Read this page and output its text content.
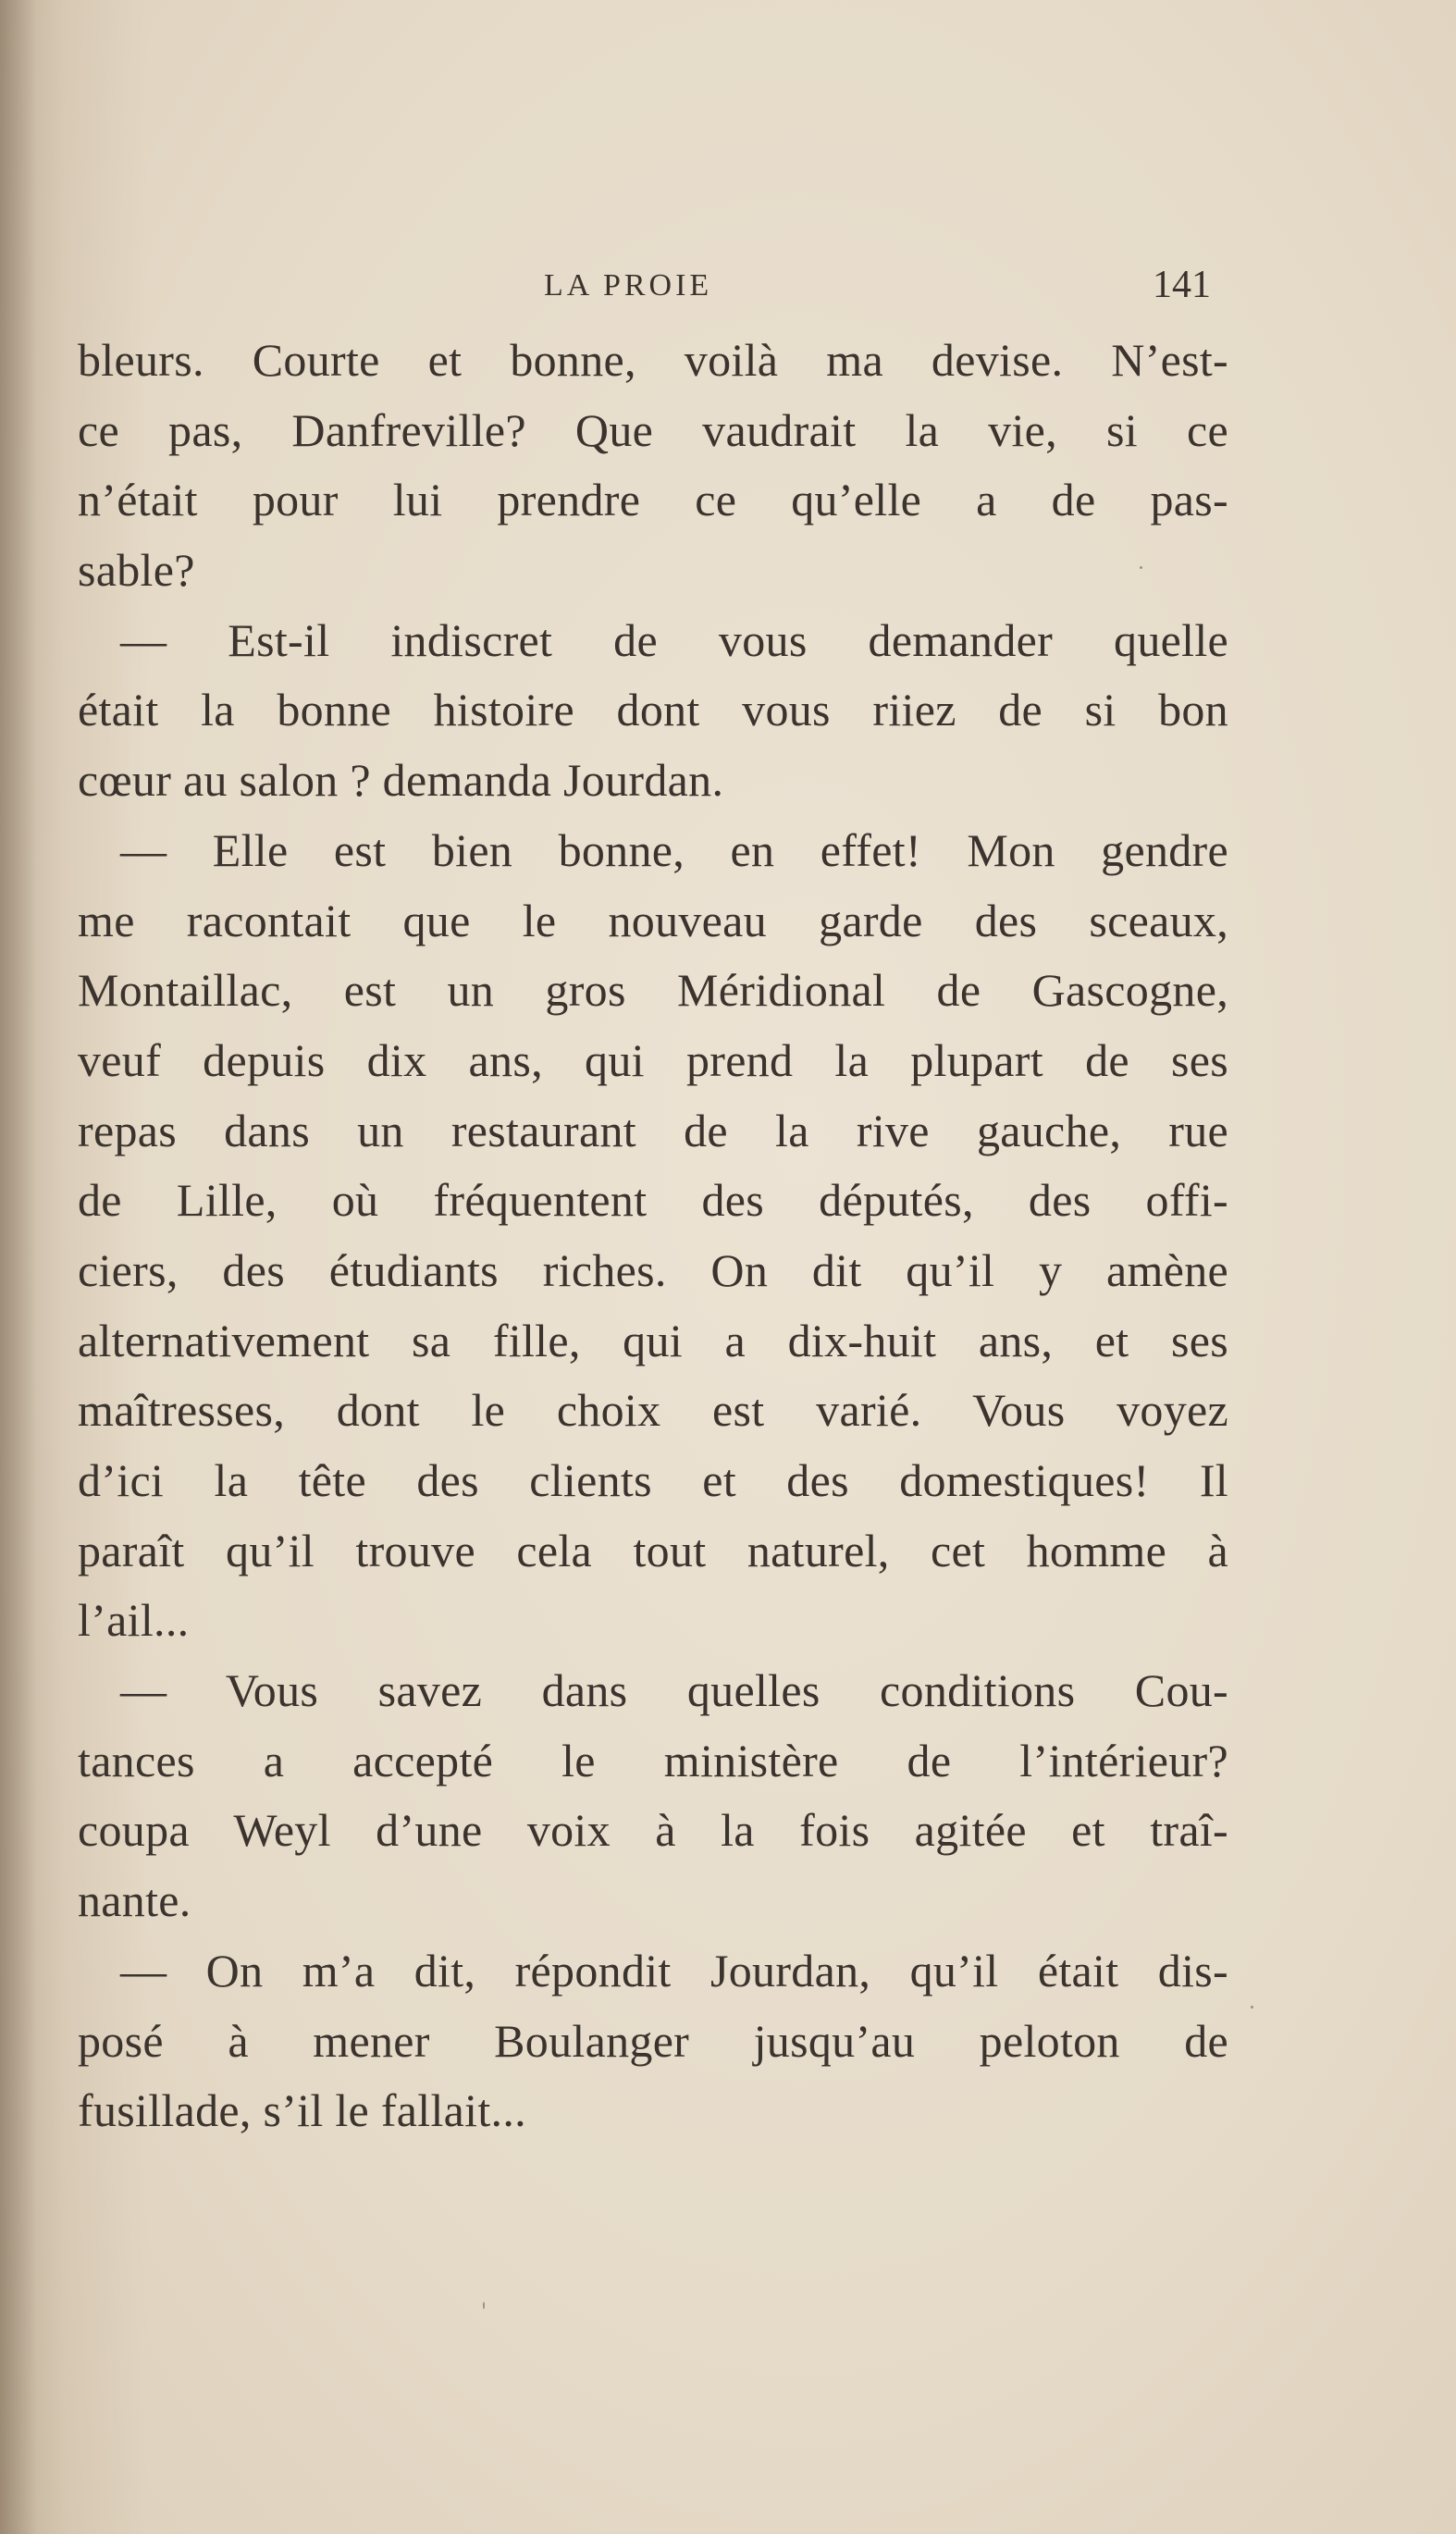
LA PROIE	141
bleurs. Courte et bonne, voilà ma devise. N’est-
ce pas, Danfreville? Que vaudrait la vie, si ce
n’était pour lui prendre ce qu’elle a de pas-
sable?
— Est-il indiscret de vous demander quelle
était la bonne histoire dont vous riiez de si bon
cœur au salon ? demanda Jourdan.
— Elle est bien bonne, en effet! Mon gendre
me racontait que le nouveau garde des sceaux,
Montaillac, est un gros Méridional de Gascogne,
veuf depuis dix ans, qui prend la plupart de ses
repas dans un restaurant de la rive gauche, rue
de Lille, où fréquentent des députés, des offi-
ciers, des étudiants riches. On dit qu’il y amène
alternativement sa fille, qui a dix-huit ans, et ses
maîtresses, dont le choix est varié. Vous voyez
d’ici la tête des clients et des domestiques! Il
paraît qu’il trouve cela tout naturel, cet homme à
l’ail...
— Vous savez dans quelles conditions Cou-
tances a accepté le ministère de l’intérieur?
coupa Weyl d’une voix à la fois agitée et traî-
nante.
— On m’a dit, répondit Jourdan, qu’il était dis-
posé à mener Boulanger jusqu’au peloton de
fusillade, s’il le fallait...
